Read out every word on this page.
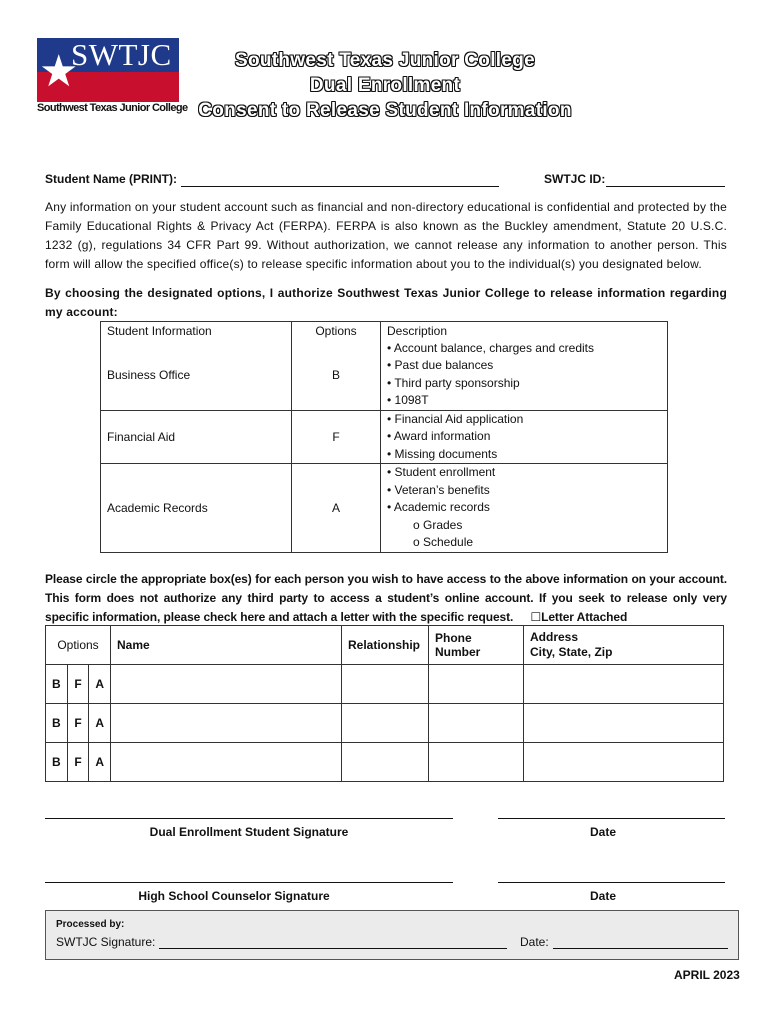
★
SWTJC
Southwest Texas Junior College
Southwest Texas Junior College
Dual Enrollment
Consent to Release Student Information
Student Name (PRINT):	SWTJC ID:
Any information on your student account such as financial and non-directory educational is confidential and protected by the Family Educational Rights & Privacy Act (FERPA). FERPA is also known as the Buckley amendment, Statute 20 U.S.C. 1232 (g), regulations 34 CFR Part 99. Without authorization, we cannot release any information to another person. This form will allow the specified office(s) to release specific information about you to the individual(s) you designated below.
By choosing the designated options, I authorize Southwest Texas Junior College to release information regarding my account:
Student Information	Options	Description
Business Office	B	• Account balance, charges and credits
• Past due balances
• Third party sponsorship
• 1098T

Financial Aid	F	• Financial Aid application
• Award information
• Missing documents

Academic Records	A	• Student enrollment
• Veteran’s benefits
• Academic records
o Grades
o Schedule
Please circle the appropriate box(es) for each person you wish to have access to the above information on your account. This form does not authorize any third party to access a student’s online account. If you seek to release only very specific information, please check here and attach a letter with the specific request. ☐Letter Attached
Options			Name	Relationship	Phone Number	Address
City, State, Zip

B	F	A				
B	F	A				
B	F	A				
Dual Enrollment Student Signature	Date
High School Counselor Signature	Date
Processed by:
SWTJC Signature:	Date:
APRIL 2023
